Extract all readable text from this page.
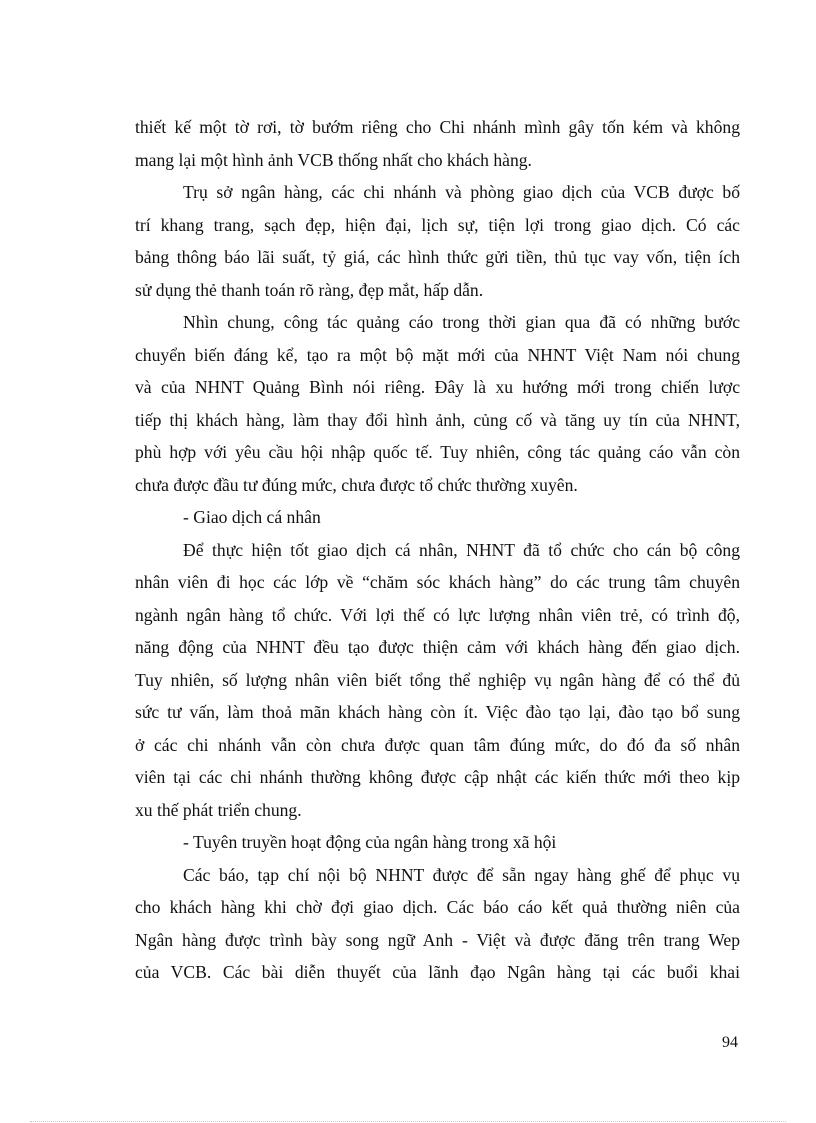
thiết kế một tờ rơi, tờ bướm riêng cho Chi nhánh mình gây tốn kém và không
mang lại một hình ảnh VCB thống nhất cho khách hàng.
Trụ sở ngân hàng, các chi nhánh và phòng giao dịch của VCB được bố
trí khang trang, sạch đẹp, hiện đại, lịch sự, tiện lợi trong giao dịch. Có các
bảng thông báo lãi suất, tỷ giá, các hình thức gửi tiền, thủ tục vay vốn, tiện ích
sử dụng thẻ thanh toán rõ ràng, đẹp mắt, hấp dẫn.
Nhìn chung, công tác quảng cáo trong thời gian qua đã có những bước
chuyển biến đáng kể, tạo ra một bộ mặt mới của NHNT Việt Nam nói chung
và của NHNT Quảng Bình nói riêng. Đây là xu hướng mới trong chiến lược
tiếp thị khách hàng, làm thay đổi hình ảnh, củng cố và tăng uy tín của NHNT,
phù hợp với yêu cầu hội nhập quốc tế. Tuy nhiên, công tác quảng cáo vẫn còn
chưa được đầu tư đúng mức, chưa được tổ chức thường xuyên.
- Giao dịch cá nhân
Để thực hiện tốt giao dịch cá nhân, NHNT đã tổ chức cho cán bộ công
nhân viên đi học các lớp về “chăm sóc khách hàng” do các trung tâm chuyên
ngành ngân hàng tổ chức. Với lợi thế có lực lượng nhân viên trẻ, có trình độ,
năng động của NHNT đều tạo được thiện cảm với khách hàng đến giao dịch.
Tuy nhiên, số lượng nhân viên biết tổng thể nghiệp vụ ngân hàng để có thể đủ
sức tư vấn, làm thoả mãn khách hàng còn ít. Việc đào tạo lại, đào tạo bổ sung
ở các chi nhánh vẫn còn chưa được quan tâm đúng mức, do đó đa số nhân
viên tại các chi nhánh thường không được cập nhật các kiến thức mới theo kịp
xu thế phát triển chung.
- Tuyên truyền hoạt động của ngân hàng trong xã hội
Các báo, tạp chí nội bộ NHNT được để sẵn ngay hàng ghế để phục vụ
cho khách hàng khi chờ đợi giao dịch. Các báo cáo kết quả thường niên của
Ngân hàng được trình bày song ngữ Anh - Việt và được đăng trên trang Wep
của VCB. Các bài diễn thuyết của lãnh đạo Ngân hàng tại các buổi khai
94
